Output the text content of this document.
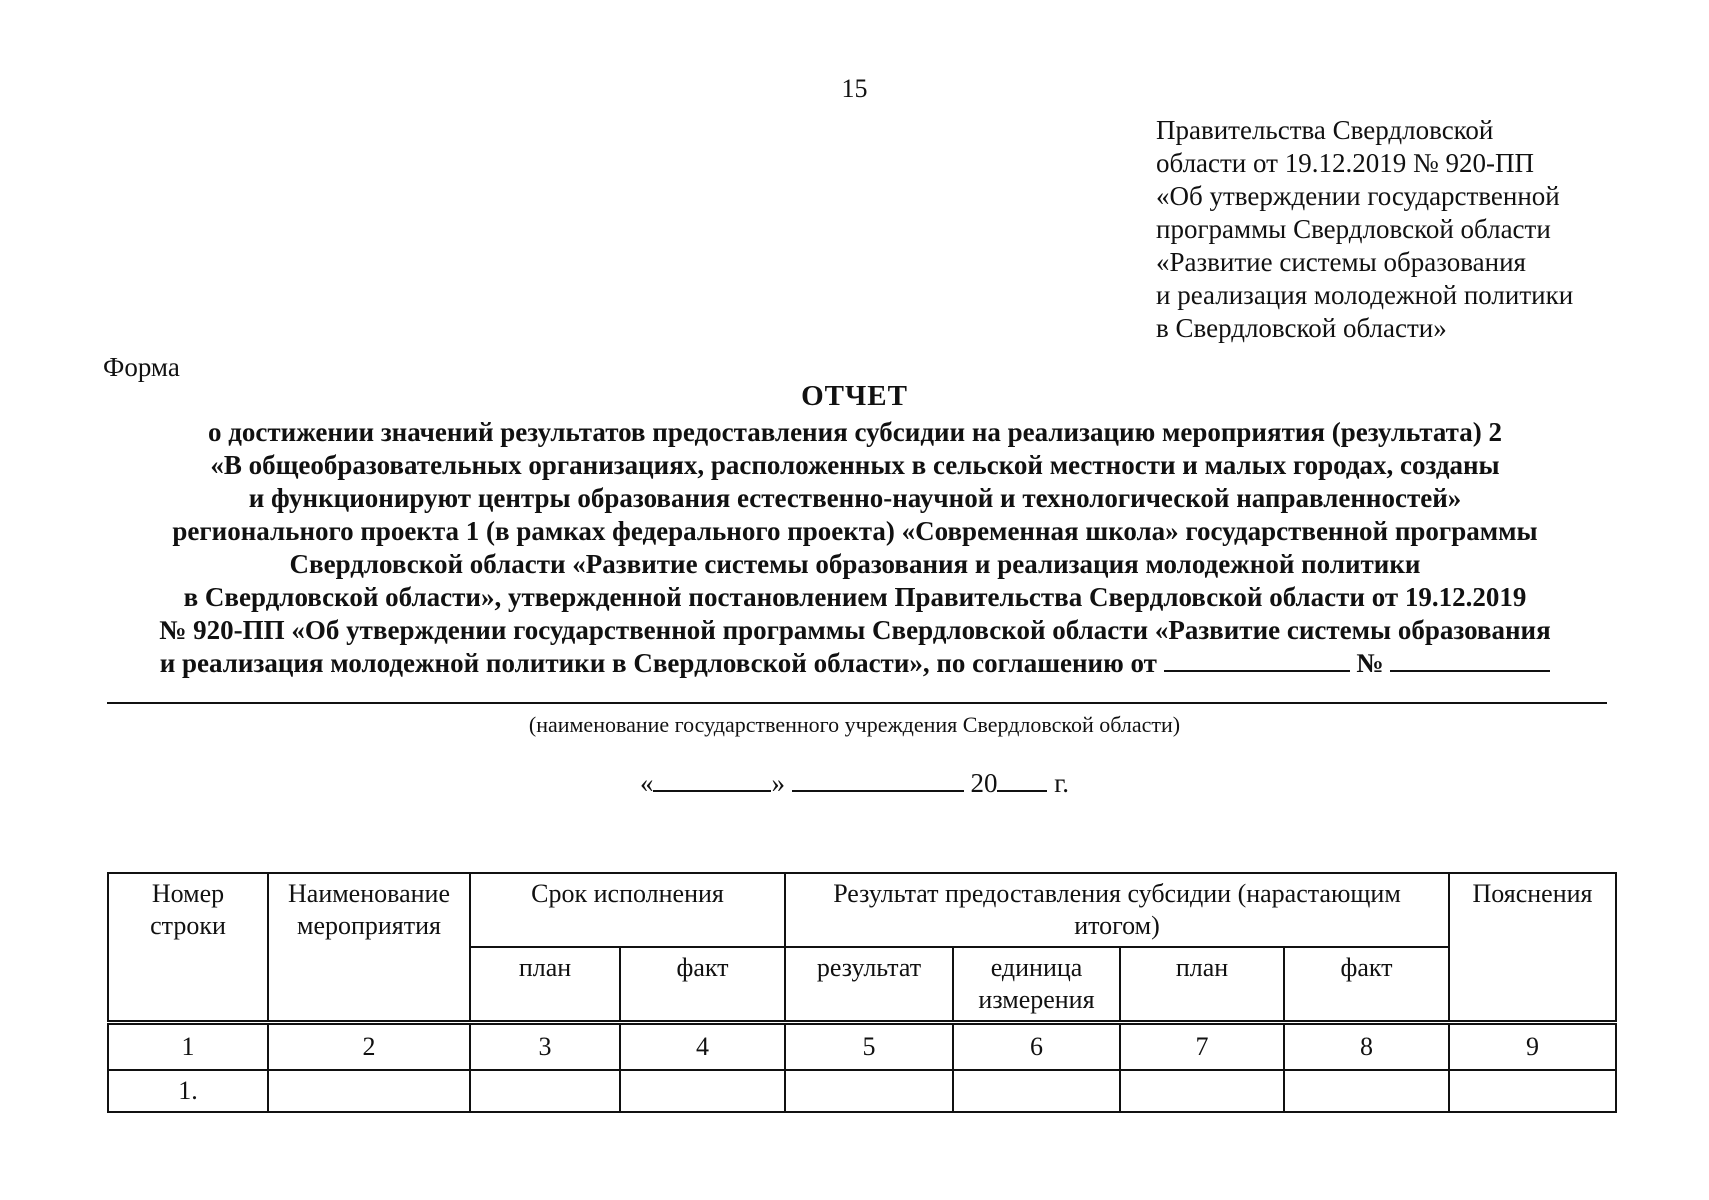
15
Правительства Свердловской
области от 19.12.2019 № 920-ПП
«Об утверждении государственной
программы Свердловской области
«Развитие системы образования
и реализация молодежной политики
в Свердловской области»
Форма
ОТЧЕТ
о достижении значений результатов предоставления субсидии на реализацию мероприятия (результата) 2
«В общеобразовательных организациях, расположенных в сельской местности и малых городах, созданы
и функционируют центры образования естественно-научной и технологической направленностей»
регионального проекта 1 (в рамках федерального проекта) «Современная школа» государственной программы
Свердловской области «Развитие системы образования и реализация молодежной политики
в Свердловской области», утвержденной постановлением Правительства Свердловской области от 19.12.2019
№ 920-ПП «Об утверждении государственной программы Свердловской области «Развитие системы образования
и реализация молодежной политики в Свердловской области», по соглашению от	№
(наименование государственного учреждения Свердловской области)
«	»	20 г.
Номер строки	Наименование мероприятия	Срок исполнения		Результат предоставления субсидии (нарастающим итогом)				Пояснения
		план	факт	результат	единица измерения	план	факт	
1	2	3	4	5	6	7	8	9
1.								
